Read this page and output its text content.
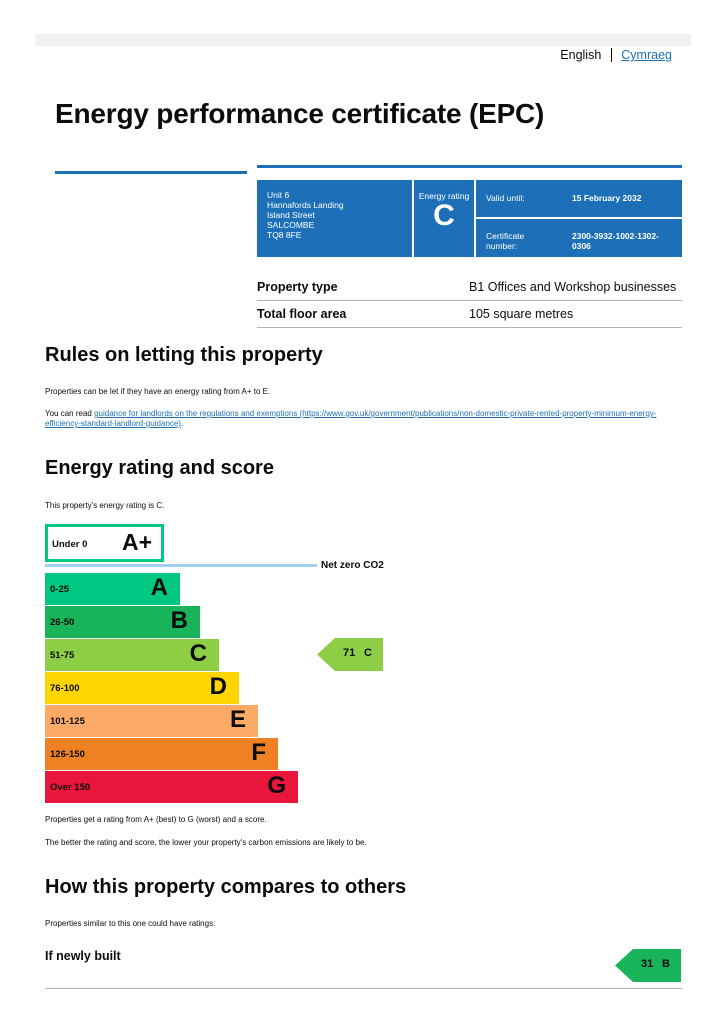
English Cymraeg
Energy performance certificate (EPC)
Unit 6
Hannafords Landing
Island Street
SALCOMBE
TQ8 8FE
Energy rating
C
Valid until:	15 February 2032
Certificate
number:
2300-3932-1002-1302-
0306
Property type	B1 Offices and Workshop businesses
Total floor area	105 square metres
Rules on letting this property

Properties can be let if they have an energy rating from A+ to E.

You can read guidance for landlords on the regulations and exemptions (https://www.gov.uk/government/publications/non-domestic-private-rented-property-minimum-energy-efficiency-standard-landlord-guidance).

Energy rating and score

This property's energy rating is C.

Under 0 A+
Net zero CO2
0-25	A
26-50	B
51-75	C
76-100	D
101-125	E
126-150	F
Over 150	G
71 C

Properties get a rating from A+ (best) to G (worst) and a score.

The better the rating and score, the lower your property's carbon emissions are likely to be.

How this property compares to others

Properties similar to this one could have ratings:

If newly built
31 B
